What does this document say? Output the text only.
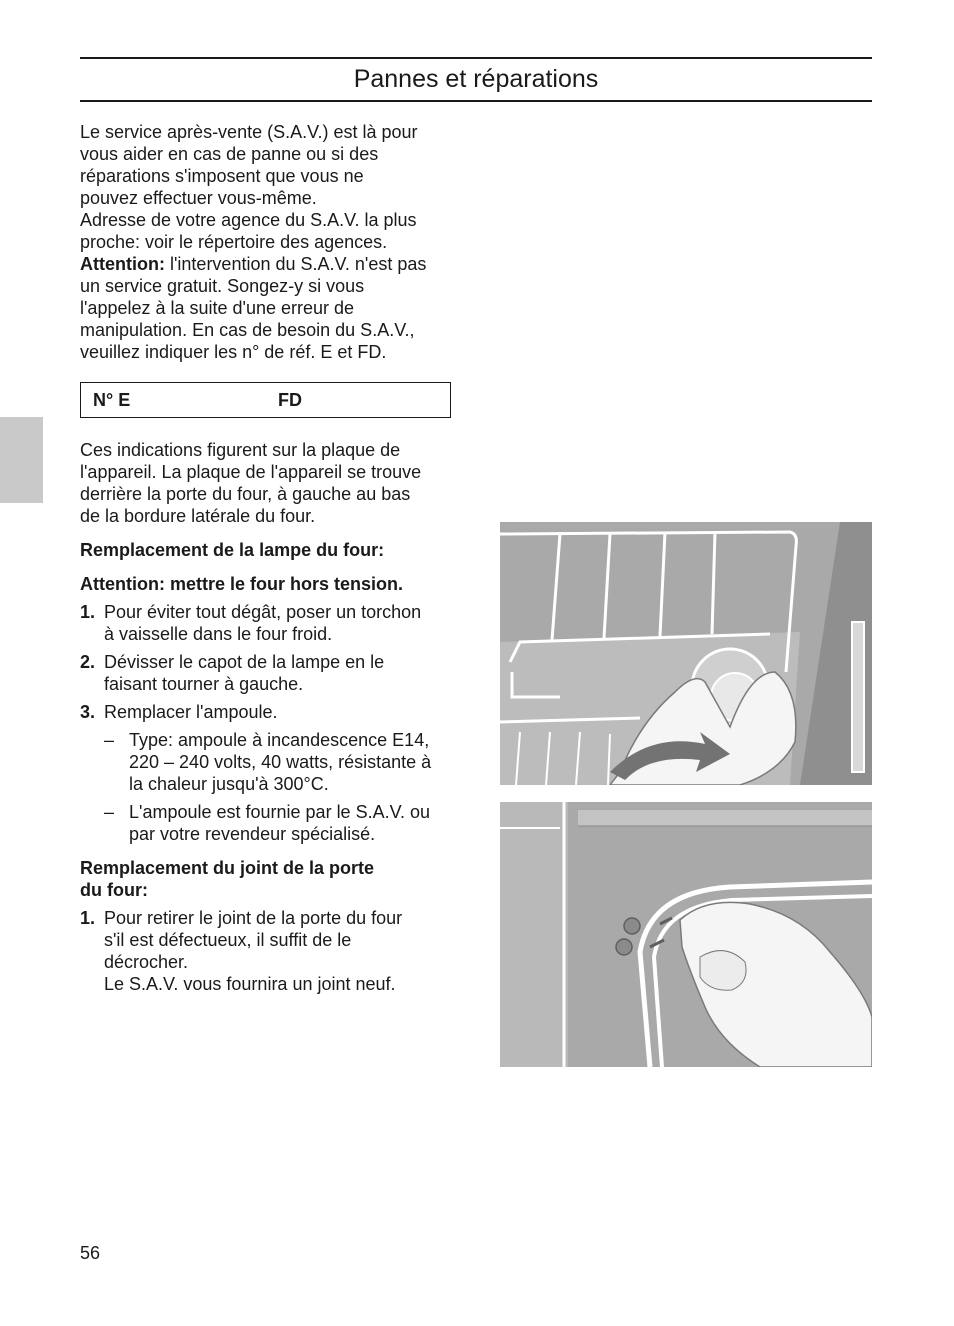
Pannes et réparations

Le service après-vente (S.A.V.) est là pour

vous aider en cas de panne ou si des

réparations s'imposent que vous ne

pouvez effectuer vous-même.

Adresse de votre agence du S.A.V. la plus

proche: voir le répertoire des agences.

Attention: l'intervention du S.A.V. n'est pas

un service gratuit. Songez-y si vous

l'appelez à la suite d'une erreur de

manipulation. En cas de besoin du S.A.V.,

veuillez indiquer les n° de réf. E et FD.

N° E	FD

Ces indications figurent sur la plaque de

l'appareil. La plaque de l'appareil se trouve

derrière la porte du four, à gauche au bas

de la bordure latérale du four.

Remplacement de la lampe du four:

Attention: mettre le four hors tension.

1. Pour éviter tout dégât, poser un torchon
à vaisselle dans le four froid.
2. Dévisser le capot de la lampe en le
faisant tourner à gauche.
3. Remplacer l'ampoule.
– Type: ampoule à incandescence E14,
220 – 240 volts, 40 watts, résistante à
la chaleur jusqu'à 300°C.
– L'ampoule est fournie par le S.A.V. ou
par votre revendeur spécialisé.
Remplacement du joint de la porte
du four:
1. Pour retirer le joint de la porte du four
s'il est défectueux, il suffit de le
décrocher.
Le S.A.V. vous fournira un joint neuf.
56
